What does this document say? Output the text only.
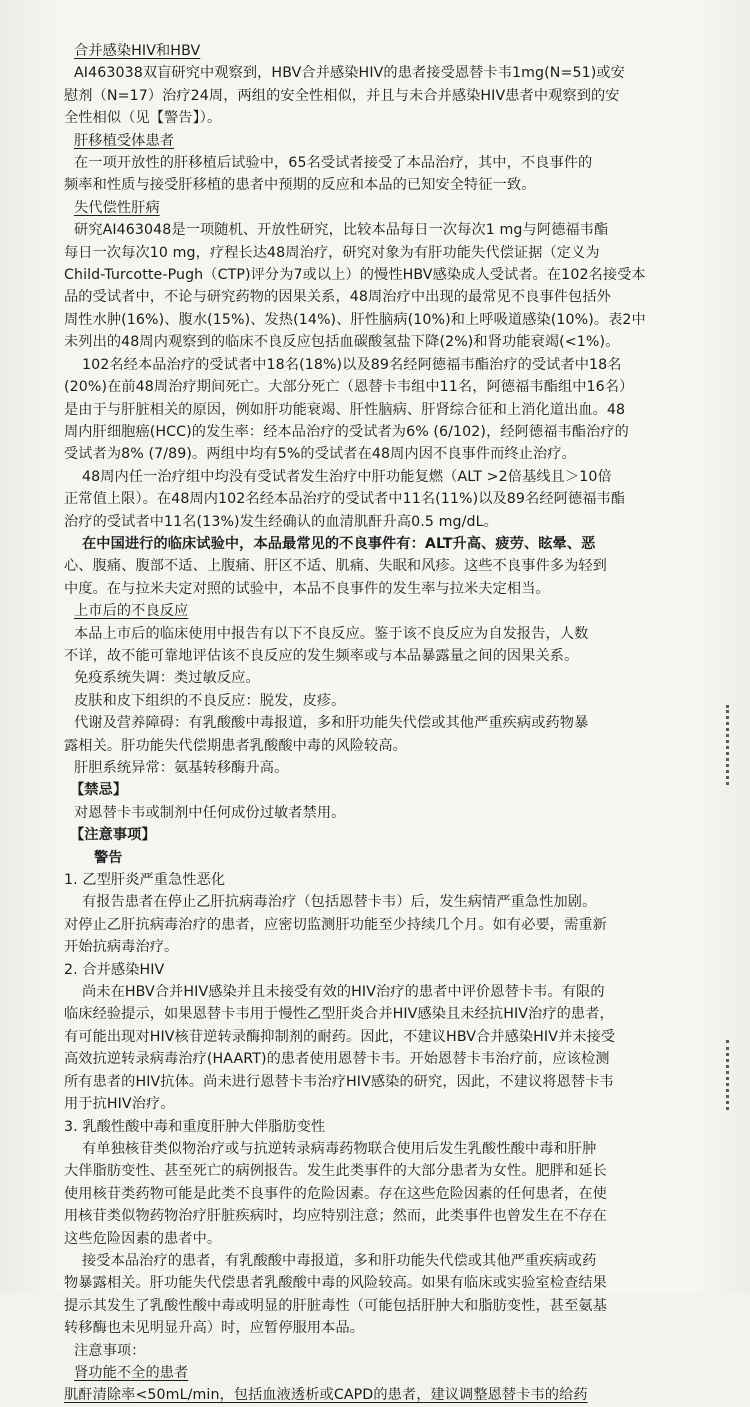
合并感染HIV和HBV
AI463038双盲研究中观察到，HBV合并感染HIV的患者接受恩替卡韦1mg(N=51)或安
慰剂（N=17）治疗24周，两组的安全性相似，并且与未合并感染HIV患者中观察到的安
全性相似（见【警告】）。
肝移植受体患者
在一项开放性的肝移植后试验中，65名受试者接受了本品治疗，其中，不良事件的
频率和性质与接受肝移植的患者中预期的反应和本品的已知安全特征一致。
失代偿性肝病
研究AI463048是一项随机、开放性研究，比较本品每日一次每次1 mg与阿德福韦酯
每日一次每次10 mg，疗程长达48周治疗，研究对象为有肝功能失代偿证据（定义为
Child-Turcotte-Pugh（CTP)评分为7或以上）的慢性HBV感染成人受试者。在102名接受本
品的受试者中，不论与研究药物的因果关系，48周治疗中出现的最常见不良事件包括外
周性水肿(16%)、腹水(15%)、发热(14%)、肝性脑病(10%)和上呼吸道感染(10%)。表2中
未列出的48周内观察到的临床不良反应包括血碳酸氢盐下降(2%)和肾功能衰竭(<1%)。
102名经本品治疗的受试者中18名(18%)以及89名经阿德福韦酯治疗的受试者中18名
(20%)在前48周治疗期间死亡。大部分死亡（恩替卡韦组中11名，阿德福韦酯组中16名）
是由于与肝脏相关的原因，例如肝功能衰竭、肝性脑病、肝肾综合征和上消化道出血。48
周内肝细胞癌(HCC)的发生率：经本品治疗的受试者为6% (6/102)，经阿德福韦酯治疗的
受试者为8% (7/89)。两组中均有5%的受试者在48周内因不良事件而终止治疗。
48周内任一治疗组中均没有受试者发生治疗中肝功能复燃（ALT >2倍基线且＞10倍
正常值上限）。在48周内102名经本品治疗的受试者中11名(11%)以及89名经阿德福韦酯
治疗的受试者中11名(13%)发生经确认的血清肌酐升高0.5 mg/dL。
在中国进行的临床试验中，本品最常见的不良事件有：ALT升高、疲劳、眩晕、恶
心、腹痛、腹部不适、上腹痛、肝区不适、肌痛、失眠和风疹。这些不良事件多为轻到
中度。在与拉米夫定对照的试验中，本品不良事件的发生率与拉米夫定相当。
上市后的不良反应
本品上市后的临床使用中报告有以下不良反应。鉴于该不良反应为自发报告，人数
不详，故不能可靠地评估该不良反应的发生频率或与本品暴露量之间的因果关系。
免疫系统失调：类过敏反应。
皮肤和皮下组织的不良反应：脱发，皮疹。
代谢及营养障碍：有乳酸酸中毒报道，多和肝功能失代偿或其他严重疾病或药物暴
露相关。肝功能失代偿期患者乳酸酸中毒的风险较高。
肝胆系统异常：氨基转移酶升高。
【禁忌】
对恩替卡韦或制剂中任何成份过敏者禁用。
【注意事项】
警告
1. 乙型肝炎严重急性恶化
有报告患者在停止乙肝抗病毒治疗（包括恩替卡韦）后，发生病情严重急性加剧。
对停止乙肝抗病毒治疗的患者，应密切监测肝功能至少持续几个月。如有必要，需重新
开始抗病毒治疗。
2. 合并感染HIV
尚未在HBV合并HIV感染并且未接受有效的HIV治疗的患者中评价恩替卡韦。有限的
临床经验提示，如果恩替卡韦用于慢性乙型肝炎合并HIV感染且未经抗HIV治疗的患者，
有可能出现对HIV核苷逆转录酶抑制剂的耐药。因此，不建议HBV合并感染HIV并未接受
高效抗逆转录病毒治疗(HAART)的患者使用恩替卡韦。开始恩替卡韦治疗前，应该检测
所有患者的HIV抗体。尚未进行恩替卡韦治疗HIV感染的研究，因此，不建议将恩替卡韦
用于抗HIV治疗。
3. 乳酸性酸中毒和重度肝肿大伴脂肪变性
有单独核苷类似物治疗或与抗逆转录病毒药物联合使用后发生乳酸性酸中毒和肝肿
大伴脂肪变性、甚至死亡的病例报告。发生此类事件的大部分患者为女性。肥胖和延长
使用核苷类药物可能是此类不良事件的危险因素。存在这些危险因素的任何患者，在使
用核苷类似物药物治疗肝脏疾病时，均应特别注意；然而，此类事件也曾发生在不存在
这些危险因素的患者中。
接受本品治疗的患者，有乳酸酸中毒报道，多和肝功能失代偿或其他严重疾病或药
物暴露相关。肝功能失代偿患者乳酸酸中毒的风险较高。如果有临床或实验室检查结果
提示其发生了乳酸性酸中毒或明显的肝脏毒性（可能包括肝肿大和脂肪变性，甚至氨基
转移酶也未见明显升高）时，应暂停服用本品。
注意事项：
肾功能不全的患者
肌酐清除率<50mL/min，包括血液透析或CAPD的患者，建议调整恩替卡韦的给药
